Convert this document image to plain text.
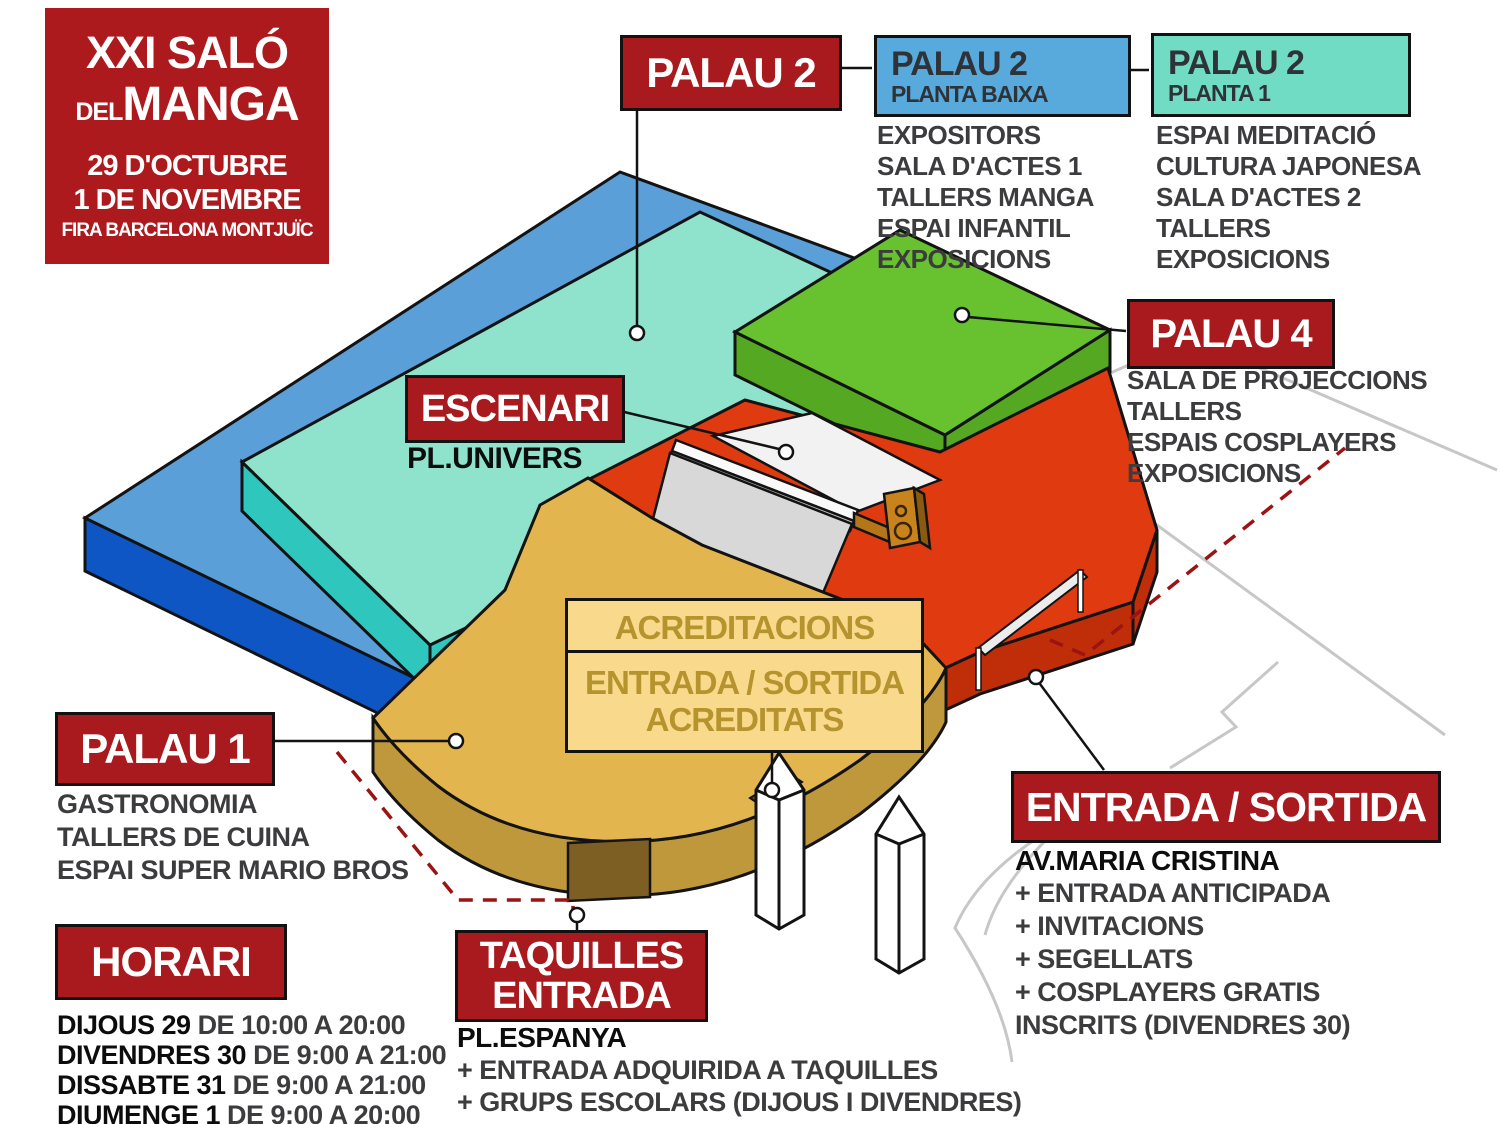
XXI SALÓ
DEL MANGA
29 D'OCTUBRE
1 DE NOVEMBRE
FIRA BARCELONA MONTJUÏC
PALAU 2	PALAU 2
PLANTA BAIXA
EXPOSITORS
SALA D'ACTES 1
TALLERS MANGA
ESPAI INFANTIL
EXPOSICIONS
PALAU 2
PLANTA 1
ESPAI MEDITACIÓ
CULTURA JAPONESA
SALA D'ACTES 2
TALLERS
EXPOSICIONS
PALAU 4
SALA DE PROJECCIONS
TALLERS
ESPAIS COSPLAYERS
EXPOSICIONS
ESCENARI
PL.UNIVERS
ACREDITACIONS
ENTRADA / SORTIDA
ACREDITATS
PALAU 1
GASTRONOMIA
TALLERS DE CUINA
ESPAI SUPER MARIO BROS
HORARI
DIJOUS 29 DE 10:00 A 20:00
DIVENDRES 30 DE 9:00 A 21:00
DISSABTE 31 DE 9:00 A 21:00
DIUMENGE 1 DE 9:00 A 20:00
TAQUILLES
ENTRADA
PL.ESPANYA
+ ENTRADA ADQUIRIDA A TAQUILLES
+ GRUPS ESCOLARS (DIJOUS I DIVENDRES)
ENTRADA / SORTIDA
AV.MARIA CRISTINA
+ ENTRADA ANTICIPADA
+ INVITACIONS
+ SEGELLATS
+ COSPLAYERS GRATIS
INSCRITS (DIVENDRES 30)
